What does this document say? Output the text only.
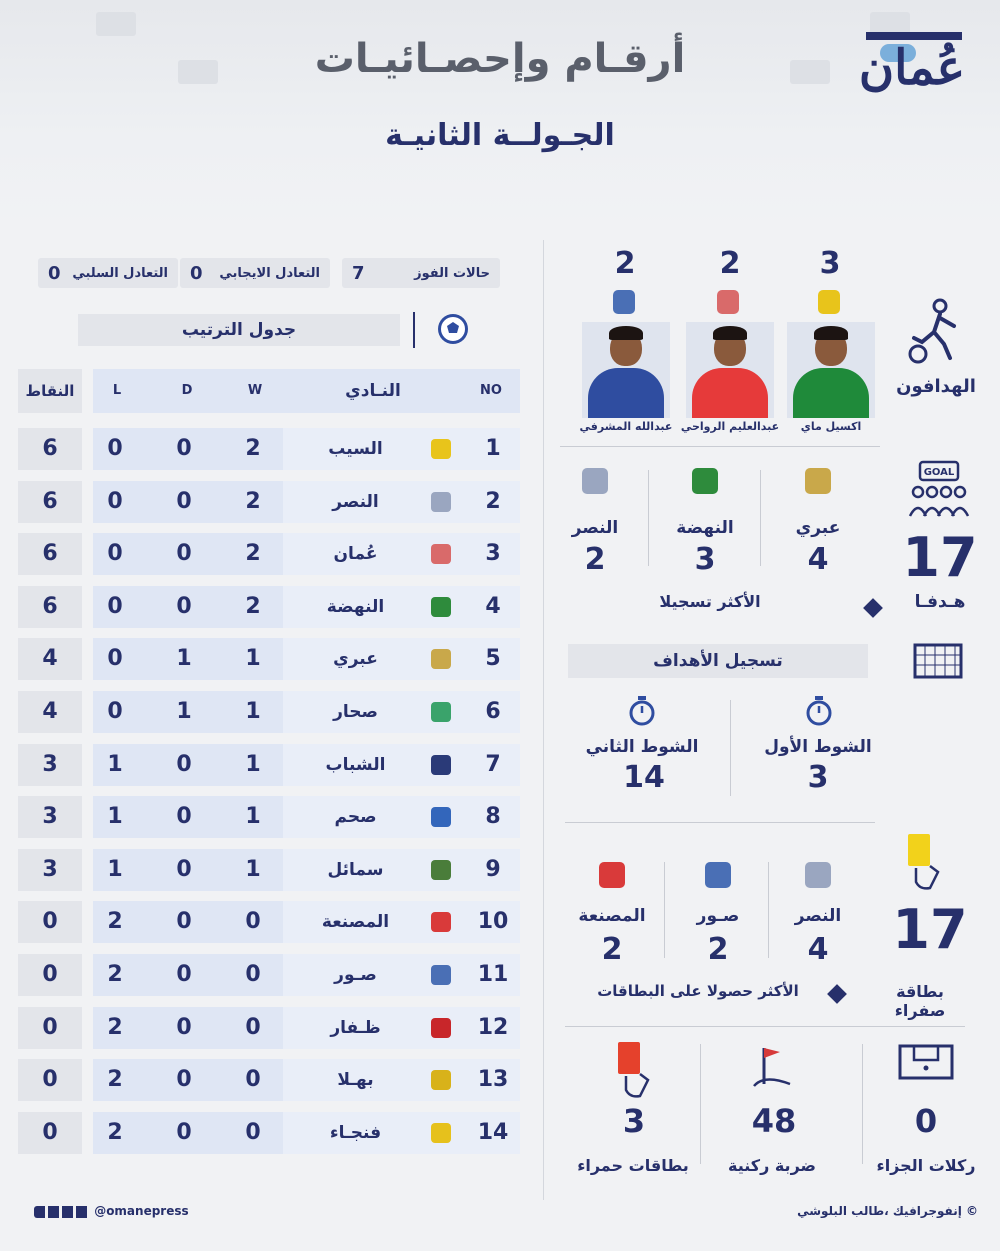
أرقـام وإحصـائيـات
الجـولــة الثانيـة
عُمان
حالات الفوز
7
التعادل الايجابي
0
التعادل السلبي
0
جدول الترتيب
النقاط	L	D	W	النـادي	NO
6	0	0	2	السيب	1
6	0	0	2	النصر	2
6	0	0	2	عُمان	3
6	0	0	2	النهضة	4
4	0	1	1	عبري	5
4	0	1	1	صحار	6
3	1	0	1	الشباب	7
3	1	0	1	صحم	8
3	1	0	1	سمائل	9
0	2	0	0	المصنعة	10
0	2	0	0	صـور	11
0	2	0	0	ظـفار	12
0	2	0	0	بهـلا	13
0	2	0	0	فنجـاء	14
الهدافون
3
اكسيل ماي
2
عبدالعليم الرواحي
2
عبدالله المشرفي
GOAL
17
هـدفـا
عبري
4
النهضة
3
النصر
2
الأكثر تسجيلا
تسجيل الأهداف
الشوط الأول
3
الشوط الثاني
14
17
بطاقة صفراء
النصر
4
صـور
2
المصنعة
2
الأكثر حصولا على البطاقات
0
ركلات الجزاء
48
ضربة ركنية
3
بطاقات حمراء
© إنفوجرافيك ،طالب البلوشي
@omanepress
